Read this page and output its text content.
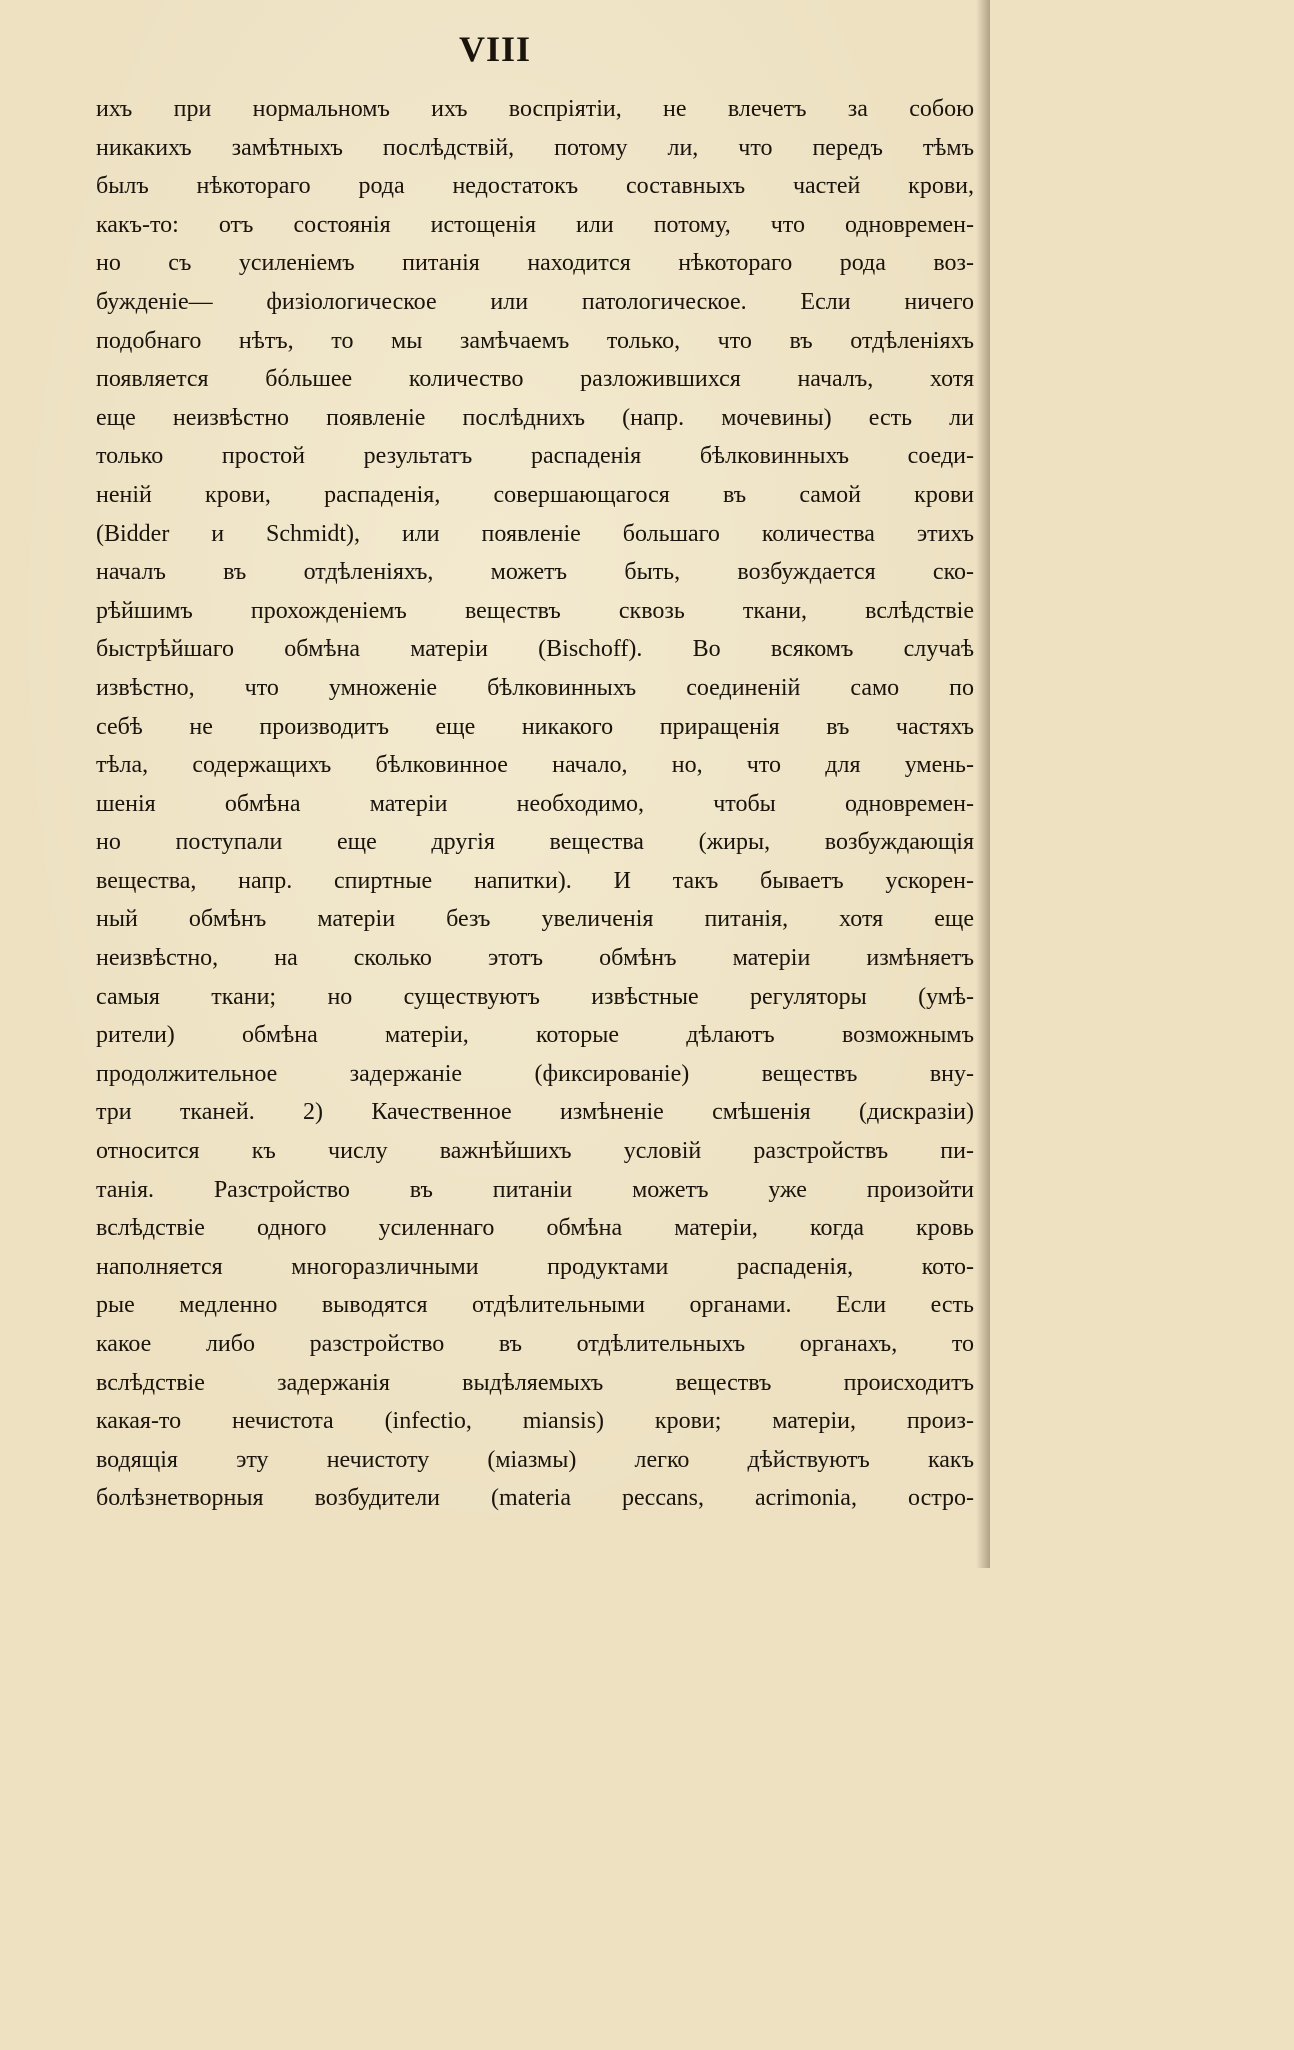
VIII
ихъ при нормальномъ ихъ воспріятіи, не влечетъ за собою
никакихъ замѣтныхъ послѣдствій, потому ли, что передъ тѣмъ
былъ нѣкотораго рода недостатокъ составныхъ частей крови,
какъ-то: отъ состоянія истощенія или потому, что одновремен-
но съ усиленіемъ питанія находится нѣкотораго рода воз-
бужденіе— физіологическое или патологическое. Если ничего
подобнаго нѣтъ, то мы замѣчаемъ только, что въ отдѣленіяхъ
появляется бóльшее количество разложившихся началъ, хотя
еще неизвѣстно появленіе послѣднихъ (напр. мочевины) есть ли
только простой результатъ распаденія бѣлковинныхъ соеди-
неній крови, распаденія, совершающагося въ самой крови
(Bidder и Schmidt), или появленіе большаго количества этихъ
началъ въ отдѣленіяхъ, можетъ быть, возбуждается ско-
рѣйшимъ прохожденіемъ веществъ сквозь ткани, вслѣдствіе
быстрѣйшаго обмѣна матеріи (Bischoff). Во всякомъ случаѣ
извѣстно, что умноженіе бѣлковинныхъ соединеній само по
себѣ не производитъ еще никакого приращенія въ частяхъ
тѣла, содержащихъ бѣлковинное начало, но, что для умень-
шенія обмѣна матеріи необходимо, чтобы одновремен-
но поступали еще другія вещества (жиры, возбуждающія
вещества, напр. спиртные напитки). И такъ бываетъ ускорен-
ный обмѣнъ матеріи безъ увеличенія питанія, хотя еще
неизвѣстно, на сколько этотъ обмѣнъ матеріи измѣняетъ
самыя ткани; но существуютъ извѣстные регуляторы (умѣ-
рители) обмѣна матеріи, которые дѣлаютъ возможнымъ
продолжительное задержаніе (фиксированіе) веществъ вну-
три тканей. 2) Качественное измѣненіе смѣшенія (дискразіи)
относится къ числу важнѣйшихъ условій разстройствъ пи-
танія. Разстройство въ питаніи можетъ уже произойти
вслѣдствіе одного усиленнаго обмѣна матеріи, когда кровь
наполняется многоразличными продуктами распаденія, кото-
рые медленно выводятся отдѣлительными органами. Если есть
какое либо разстройство въ отдѣлительныхъ органахъ, то
вслѣдствіе задержанія выдѣляемыхъ веществъ происходитъ
какая-то нечистота (infectio, miansis) крови; матеріи, произ-
водящія эту нечистоту (міазмы) легко дѣйствуютъ какъ
болѣзнетворныя возбудители (materia peccans, acrimonia, остро-
